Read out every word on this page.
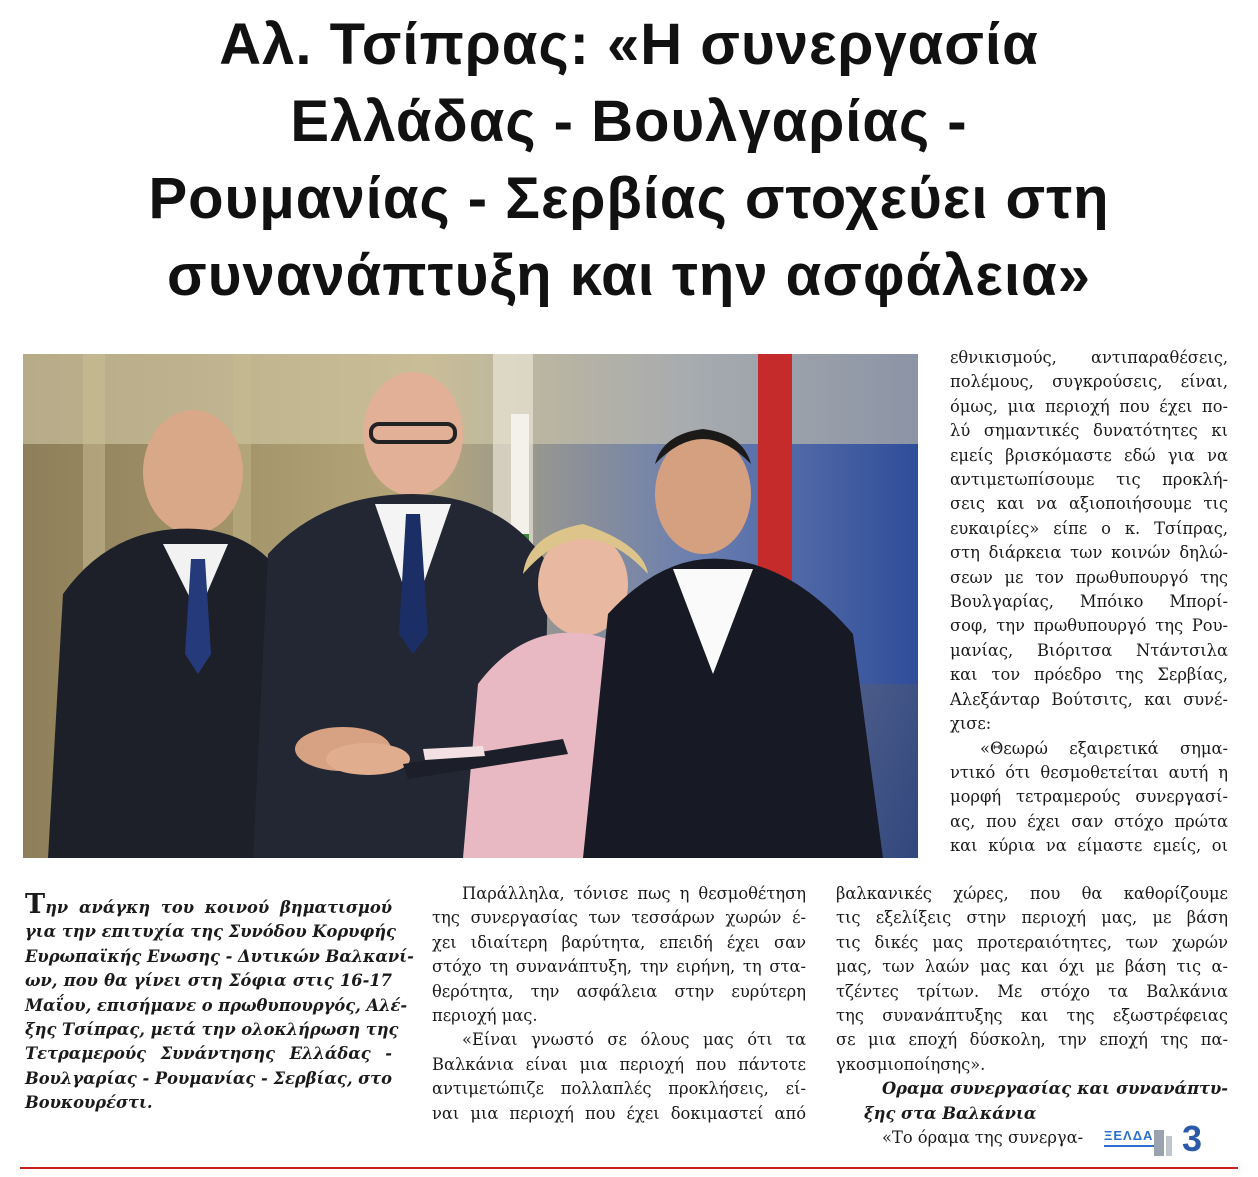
Αλ. Τσίπρας: «Η συνεργασία
Ελλάδας - Βουλγαρίας -
Ρουμανίας - Σερβίας στοχεύει στη
συνανάπτυξη και την ασφάλεια»
εθνικισμούς, αντιπαραθέσεις,
πολέμους, συγκρούσεις, είναι,
όμως, μια περιοχή που έχει πο-
λύ σημαντικές δυνατότητες κι
εμείς βρισκόμαστε εδώ για να
αντιμετωπίσουμε τις προκλή-
σεις και να αξιοποιήσουμε τις
ευκαιρίες» είπε ο κ. Τσίπρας,
στη διάρκεια των κοινών δηλώ-
σεων με τον πρωθυπουργό της
Βουλγαρίας, Μπόικο Μπορί-
σοφ, την πρωθυπουργό της Ρου-
μανίας, Βιόριτσα Ντάντσιλα
και τον πρόεδρο της Σερβίας,
Αλεξάνταρ Βούτσιτς, και συνέ-
χισε:
«Θεωρώ εξαιρετικά σημα-
ντικό ότι θεσμοθετείται αυτή η
μορφή τετραμερούς συνεργασί-
ας, που έχει σαν στόχο πρώτα
και κύρια να είμαστε εμείς, οι
Την ανάγκη του κοινού βηματισμού
για την επιτυχία της Συνόδου Κορυφής
Ευρωπαϊκής Ενωσης - Δυτικών Βαλκανί-
ων, που θα γίνει στη Σόφια στις 16-17
Μαΐου, επισήμανε ο πρωθυπουργός, Αλέ-
ξης Τσίπρας, μετά την ολοκλήρωση της
Τετραμερούς Συνάντησης Ελλάδας -
Βουλγαρίας - Ρουμανίας - Σερβίας, στο
Βουκουρέστι.
Παράλληλα, τόνισε πως η θεσμοθέτηση
της συνεργασίας των τεσσάρων χωρών έ-
χει ιδιαίτερη βαρύτητα, επειδή έχει σαν
στόχο τη συνανάπτυξη, την ειρήνη, τη στα-
θερότητα, την ασφάλεια στην ευρύτερη
περιοχή μας.
«Είναι γνωστό σε όλους μας ότι τα
Βαλκάνια είναι μια περιοχή που πάντοτε
αντιμετώπιζε πολλαπλές προκλήσεις, εί-
ναι μια περιοχή που έχει δοκιμαστεί από
βαλκανικές χώρες, που θα καθορίζουμε
τις εξελίξεις στην περιοχή μας, με βάση
τις δικές μας προτεραιότητες, των χωρών
μας, των λαών μας και όχι με βάση τις α-
τζέντες τρίτων. Με στόχο τα Βαλκάνια
της συνανάπτυξης και της εξωστρέφειας
σε μια εποχή δύσκολη, την εποχή της πα-
γκοσμιοποίησης».
Οραμα συνεργασίας και συνανάπτυ-
ξης στα Βαλκάνια
«Το όραμα της συνεργα-	ΞΕΛΔΑ 3
